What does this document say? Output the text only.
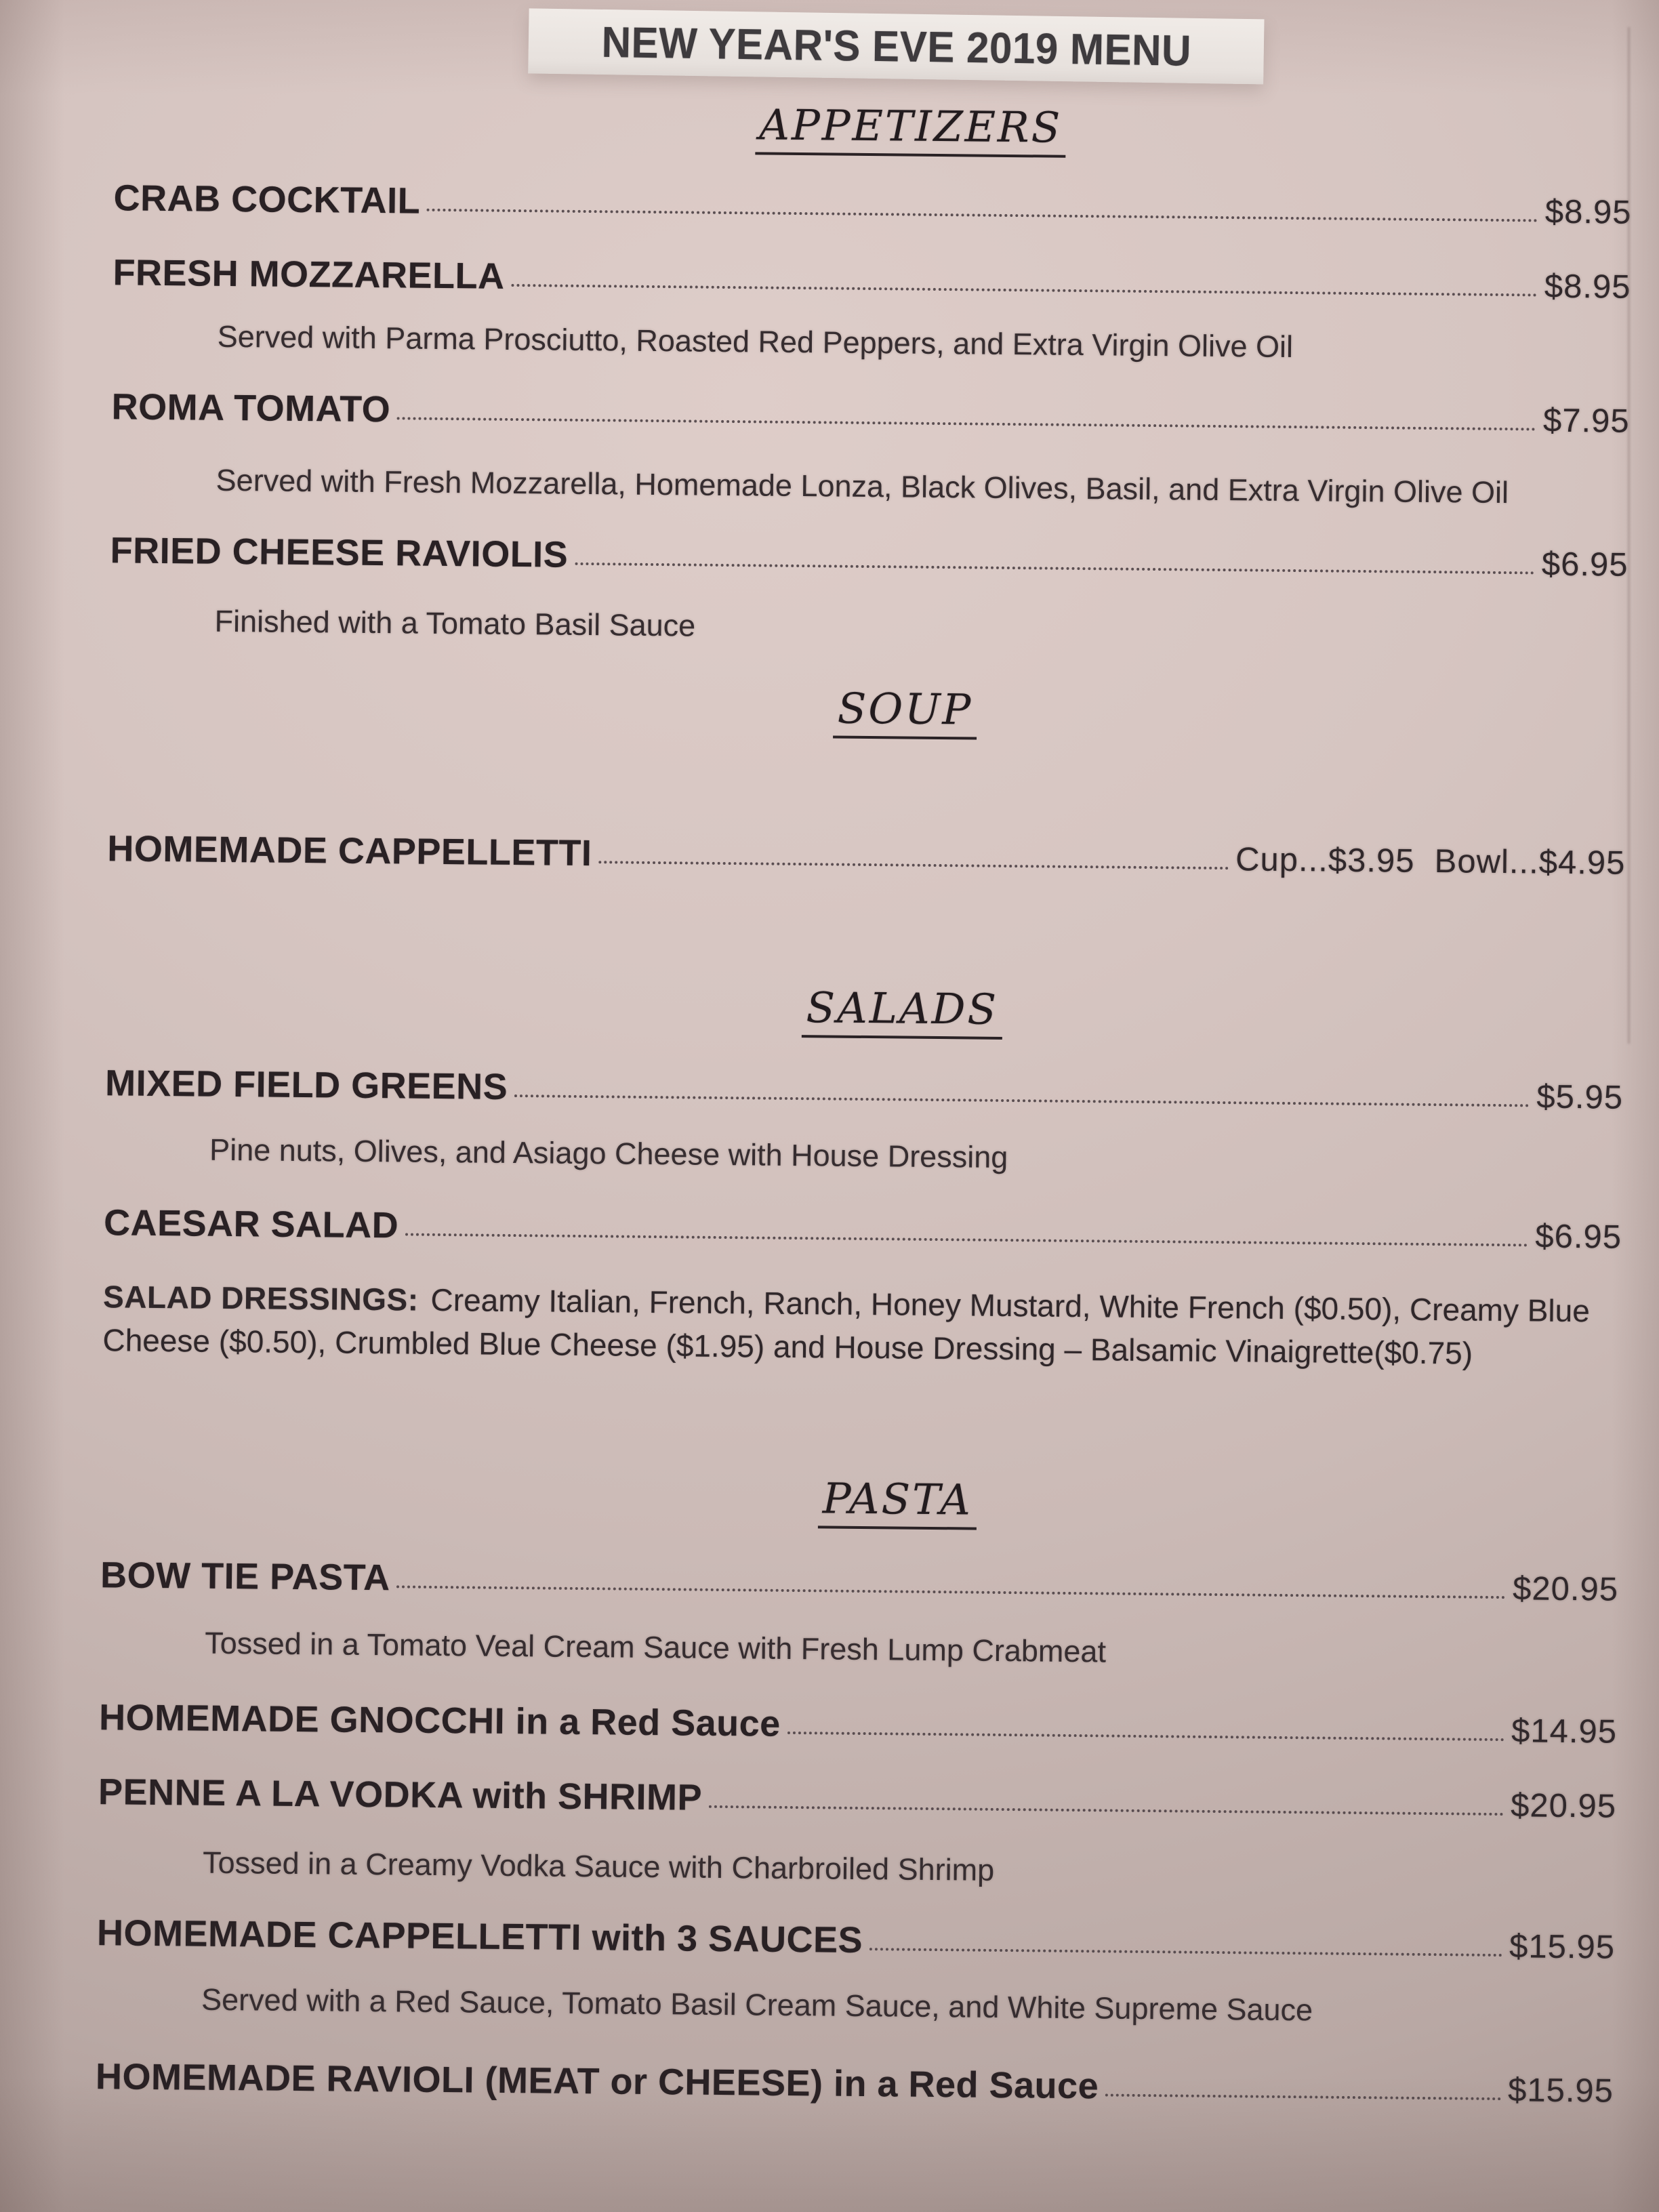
NEW YEAR'S EVE 2019 MENU
APPETIZERS
CRAB COCKTAIL	$8.95
FRESH MOZZARELLA	$8.95
Served with Parma Prosciutto, Roasted Red Peppers, and Extra Virgin Olive Oil
ROMA TOMATO	$7.95
Served with Fresh Mozzarella, Homemade Lonza, Black Olives, Basil, and Extra Virgin Olive Oil
FRIED CHEESE RAVIOLIS	$6.95
Finished with a Tomato Basil Sauce
SOUP
HOMEMADE CAPPELLETTI	Cup...$3.95  Bowl...$4.95
SALADS
MIXED FIELD GREENS	$5.95
Pine nuts, Olives, and Asiago Cheese with House Dressing
CAESAR SALAD	$6.95
SALAD DRESSINGS: Creamy Italian, French, Ranch, Honey Mustard, White French ($0.50), Creamy Blue Cheese ($0.50), Crumbled Blue Cheese ($1.95) and House Dressing – Balsamic Vinaigrette($0.75)
PASTA
BOW TIE PASTA	$20.95
Tossed in a Tomato Veal Cream Sauce with Fresh Lump Crabmeat
HOMEMADE GNOCCHI in a Red Sauce	$14.95
PENNE A LA VODKA with SHRIMP	$20.95
Tossed in a Creamy Vodka Sauce with Charbroiled Shrimp
HOMEMADE CAPPELLETTI with 3 SAUCES	$15.95
Served with a Red Sauce, Tomato Basil Cream Sauce, and White Supreme Sauce
HOMEMADE RAVIOLI (MEAT or CHEESE) in a Red Sauce	$15.95
